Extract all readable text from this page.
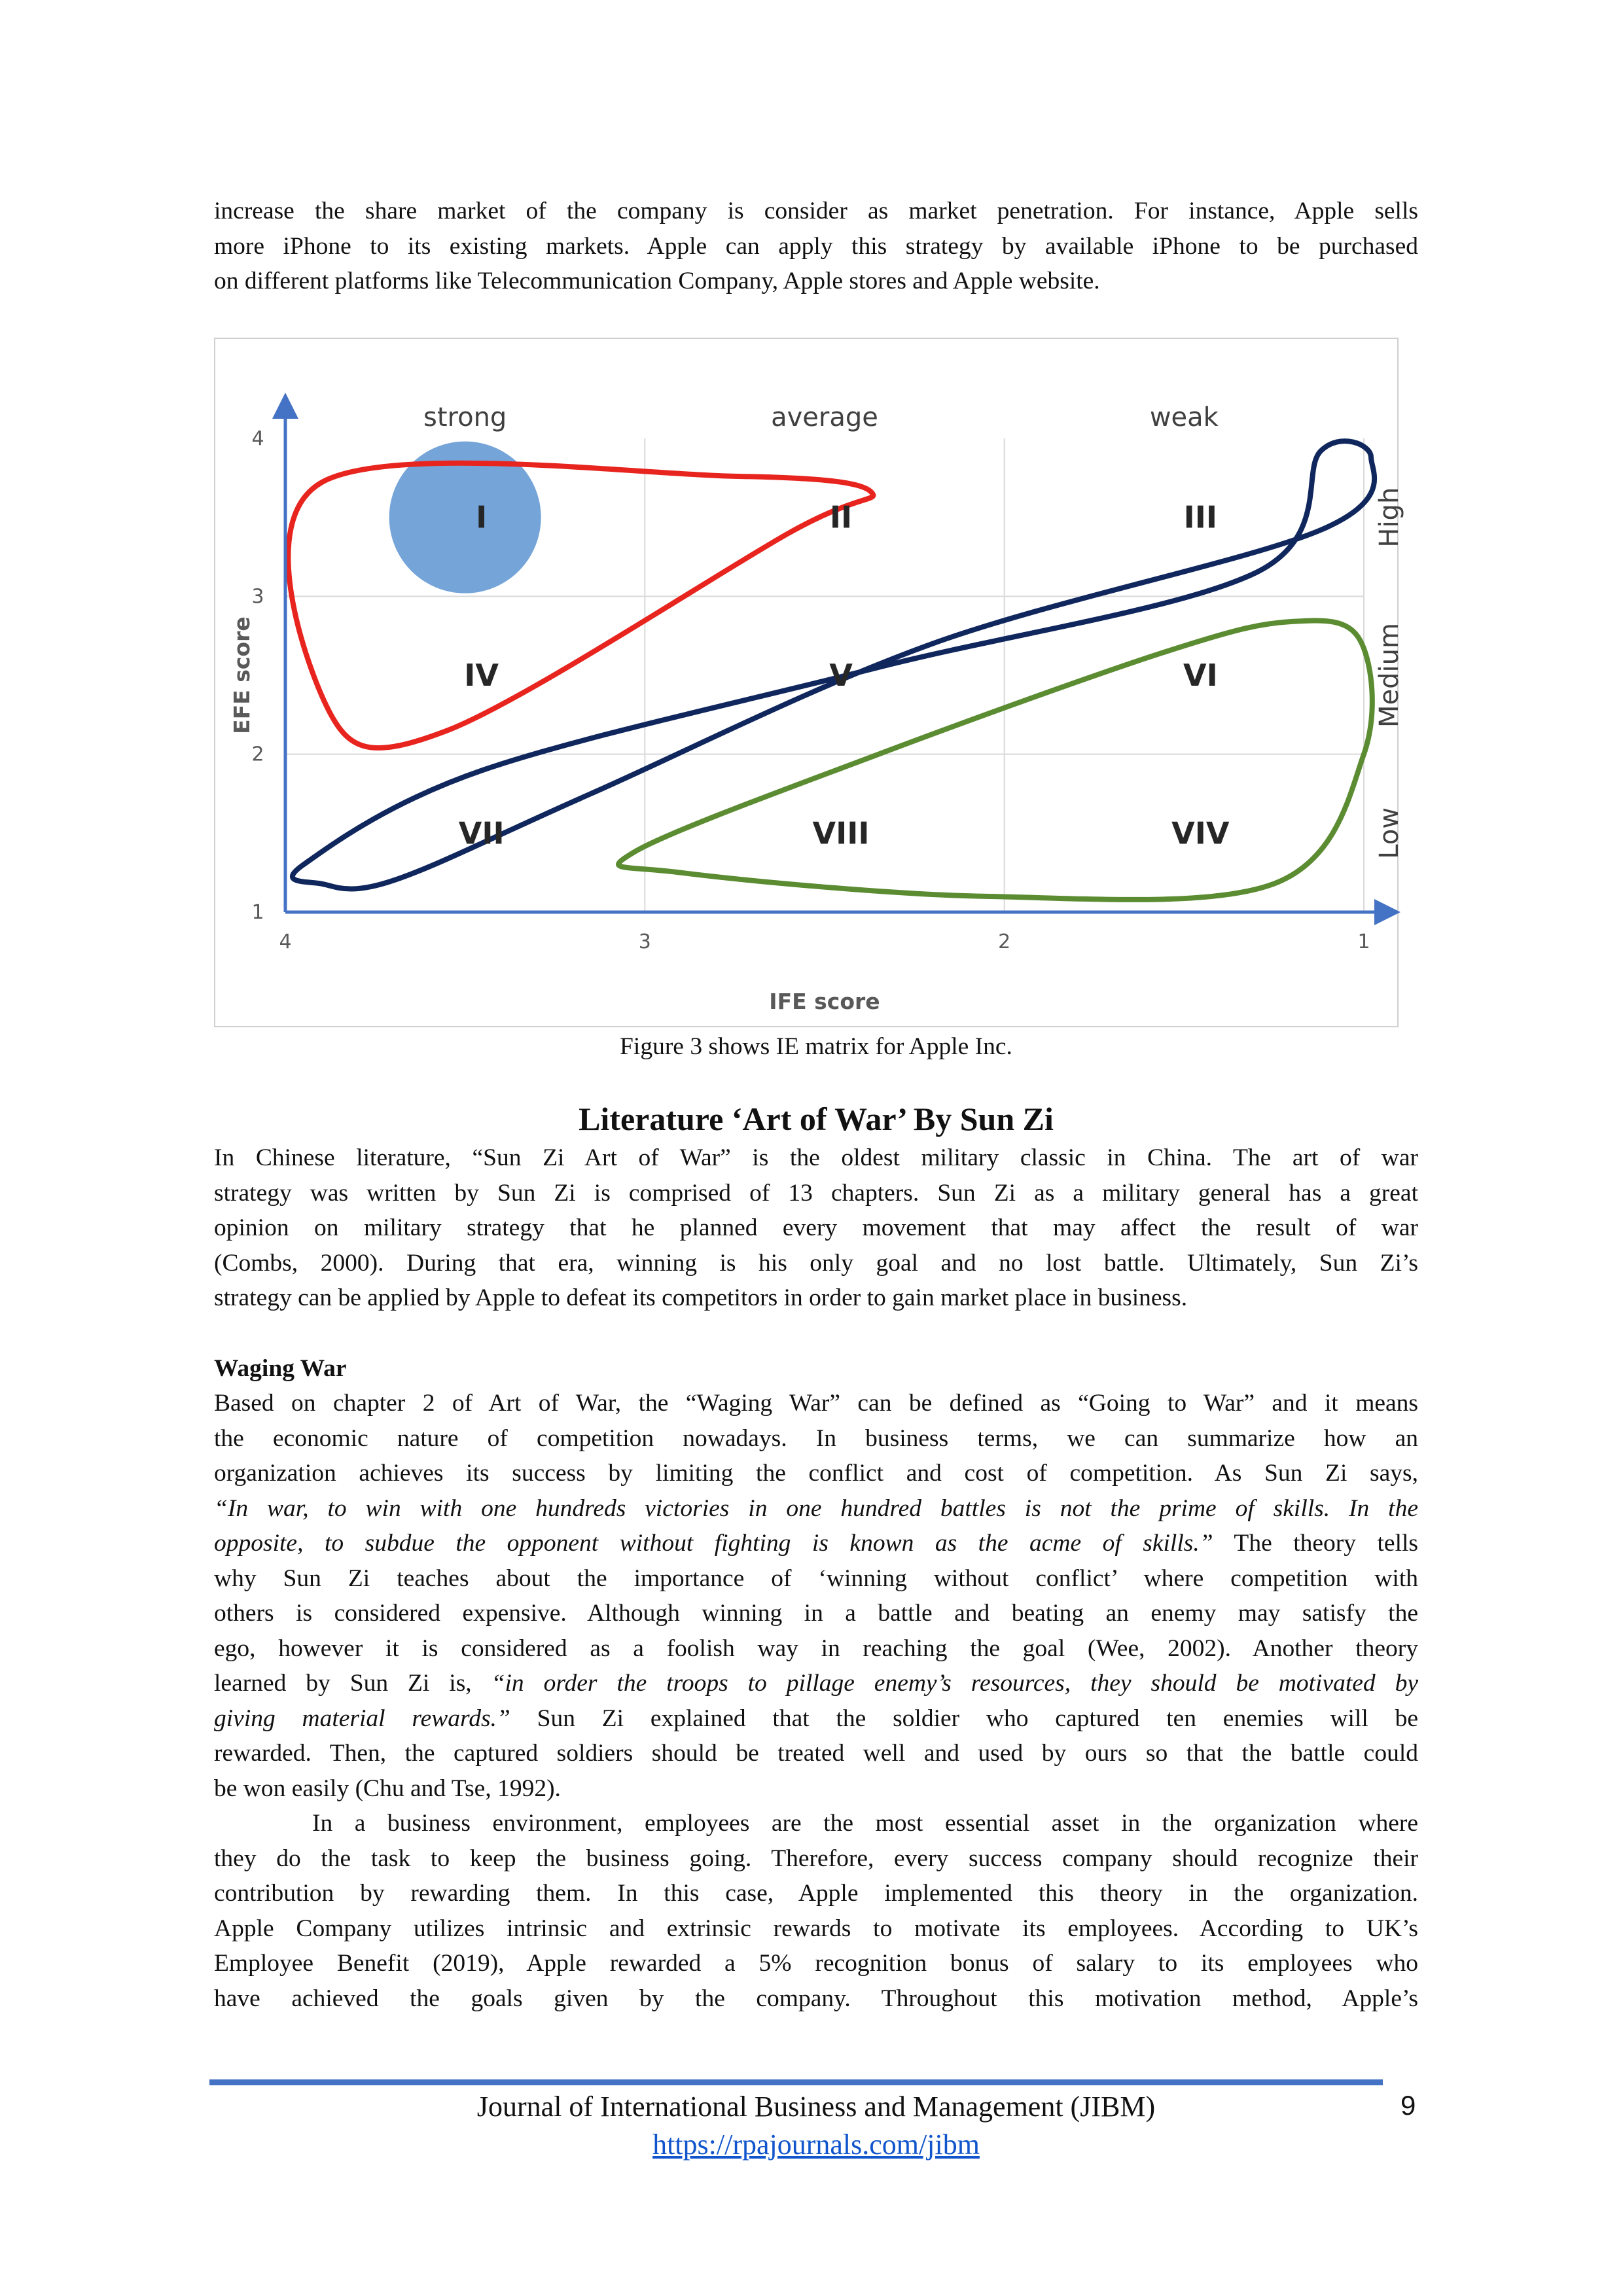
increase the share market of the company is consider as market penetration. For instance, Apple sells
more iPhone to its existing markets. Apple can apply this strategy by available iPhone to be purchased
on different platforms like Telecommunication Company, Apple stores and Apple website.
4	3	2	1
1
2
3
4
IFE score
EFE score
strong	average	weak
High
Medium
Low
I	II	III
IV	V	VI
VII	VIII	VIV
Figure 3 shows IE matrix for Apple Inc.
Literature ‘Art of War’ By Sun Zi
In Chinese literature, “Sun Zi Art of War” is the oldest military classic in China. The art of war
strategy was written by Sun Zi is comprised of 13 chapters. Sun Zi as a military general has a great
opinion on military strategy that he planned every movement that may affect the result of war
(Combs, 2000). During that era, winning is his only goal and no lost battle. Ultimately, Sun Zi’s
strategy can be applied by Apple to defeat its competitors in order to gain market place in business.
Waging War
Based on chapter 2 of Art of War, the “Waging War” can be defined as “Going to War” and it means
the economic nature of competition nowadays. In business terms, we can summarize how an
organization achieves its success by limiting the conflict and cost of competition. As Sun Zi says,
“In war, to win with one hundreds victories in one hundred battles is not the prime of skills. In the
opposite, to subdue the opponent without fighting is known as the acme of skills.” The theory tells
why Sun Zi teaches about the importance of ‘winning without conflict’ where competition with
others is considered expensive. Although winning in a battle and beating an enemy may satisfy the
ego, however it is considered as a foolish way in reaching the goal (Wee, 2002). Another theory
learned by Sun Zi is, “in order the troops to pillage enemy’s resources, they should be motivated by
giving material rewards.” Sun Zi explained that the soldier who captured ten enemies will be
rewarded. Then, the captured soldiers should be treated well and used by ours so that the battle could
be won easily (Chu and Tse, 1992).
In a business environment, employees are the most essential asset in the organization where
they do the task to keep the business going. Therefore, every success company should recognize their
contribution by rewarding them. In this case, Apple implemented this theory in the organization.
Apple Company utilizes intrinsic and extrinsic rewards to motivate its employees. According to UK’s
Employee Benefit (2019), Apple rewarded a 5% recognition bonus of salary to its employees who
have achieved the goals given by the company. Throughout this motivation method, Apple’s
Journal of International Business and Management (JIBM)
https://rpajournals.com/jibm
9
